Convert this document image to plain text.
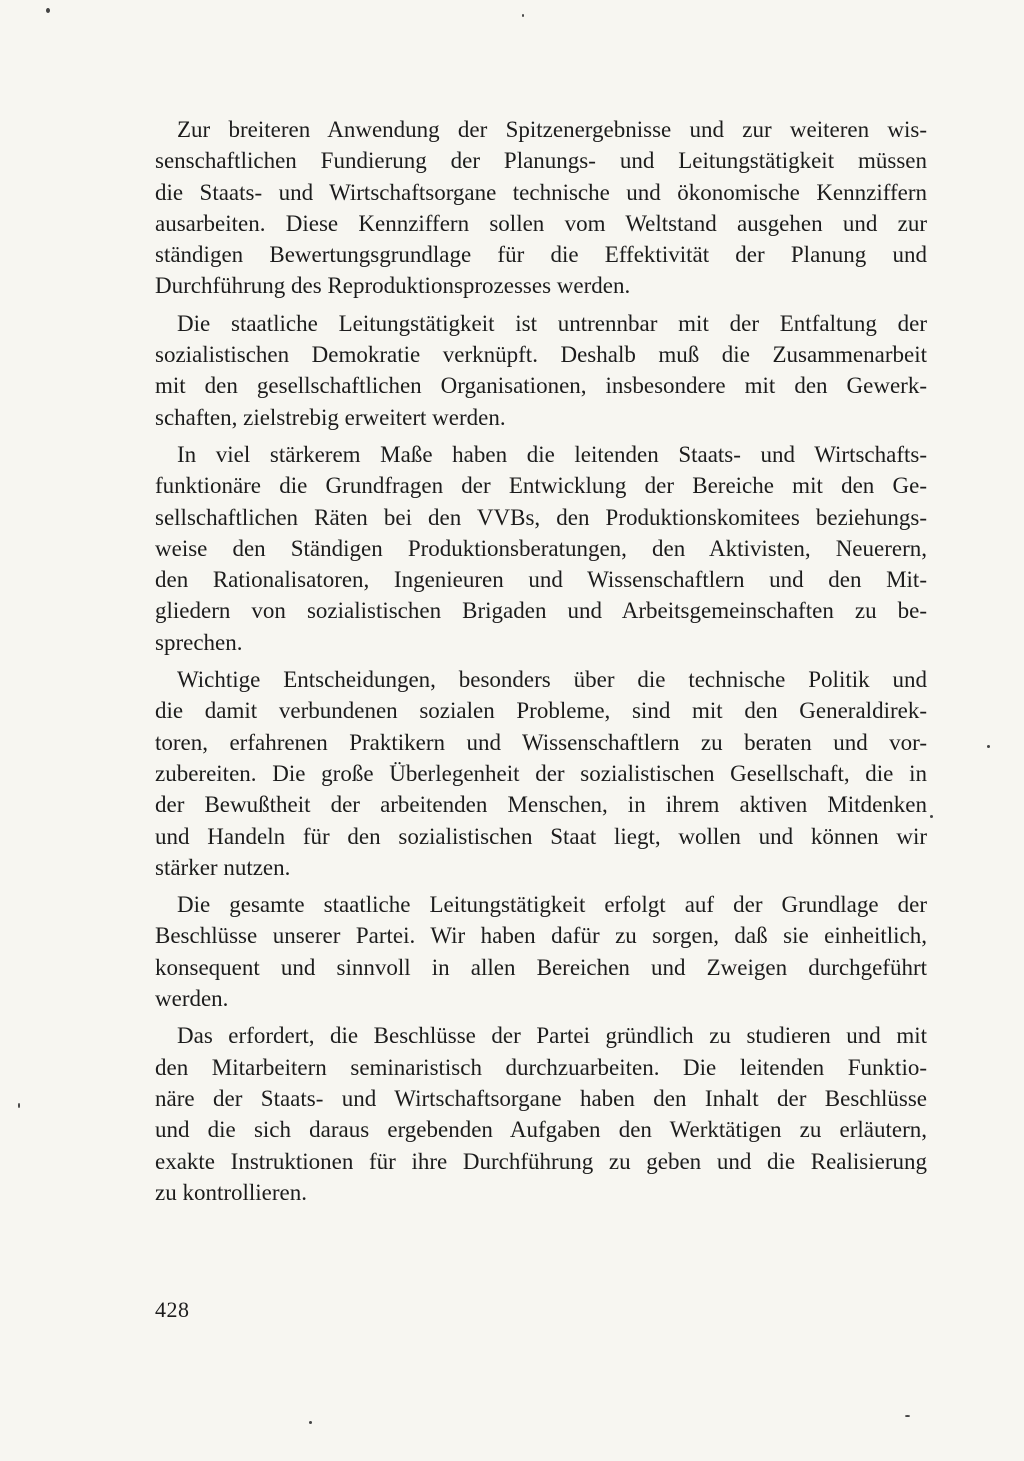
Zur breiteren Anwendung der Spitzenergebnisse und zur weiteren wis-
senschaftlichen Fundierung der Planungs- und Leitungstätigkeit müssen
die Staats- und Wirtschaftsorgane technische und ökonomische Kennziffern
ausarbeiten. Diese Kennziffern sollen vom Weltstand ausgehen und zur
ständigen Bewertungsgrundlage für die Effektivität der Planung und
Durchführung des Reproduktionsprozesses werden.
Die staatliche Leitungstätigkeit ist untrennbar mit der Entfaltung der
sozialistischen Demokratie verknüpft. Deshalb muß die Zusammenarbeit
mit den gesellschaftlichen Organisationen, insbesondere mit den Gewerk-
schaften, zielstrebig erweitert werden.
In viel stärkerem Maße haben die leitenden Staats- und Wirtschafts-
funktionäre die Grundfragen der Entwicklung der Bereiche mit den Ge-
sellschaftlichen Räten bei den VVBs, den Produktionskomitees beziehungs-
weise den Ständigen Produktionsberatungen, den Aktivisten, Neuerern,
den Rationalisatoren, Ingenieuren und Wissenschaftlern und den Mit-
gliedern von sozialistischen Brigaden und Arbeitsgemeinschaften zu be-
sprechen.
Wichtige Entscheidungen, besonders über die technische Politik und
die damit verbundenen sozialen Probleme, sind mit den Generaldirek-
toren, erfahrenen Praktikern und Wissenschaftlern zu beraten und vor-
zubereiten. Die große Überlegenheit der sozialistischen Gesellschaft, die in
der Bewußtheit der arbeitenden Menschen, in ihrem aktiven Mitdenken
und Handeln für den sozialistischen Staat liegt, wollen und können wir
stärker nutzen.
Die gesamte staatliche Leitungstätigkeit erfolgt auf der Grundlage der
Beschlüsse unserer Partei. Wir haben dafür zu sorgen, daß sie einheitlich,
konsequent und sinnvoll in allen Bereichen und Zweigen durchgeführt
werden.
Das erfordert, die Beschlüsse der Partei gründlich zu studieren und mit
den Mitarbeitern seminaristisch durchzuarbeiten. Die leitenden Funktio-
näre der Staats- und Wirtschaftsorgane haben den Inhalt der Beschlüsse
und die sich daraus ergebenden Aufgaben den Werktätigen zu erläutern,
exakte Instruktionen für ihre Durchführung zu geben und die Realisierung
zu kontrollieren.
428
